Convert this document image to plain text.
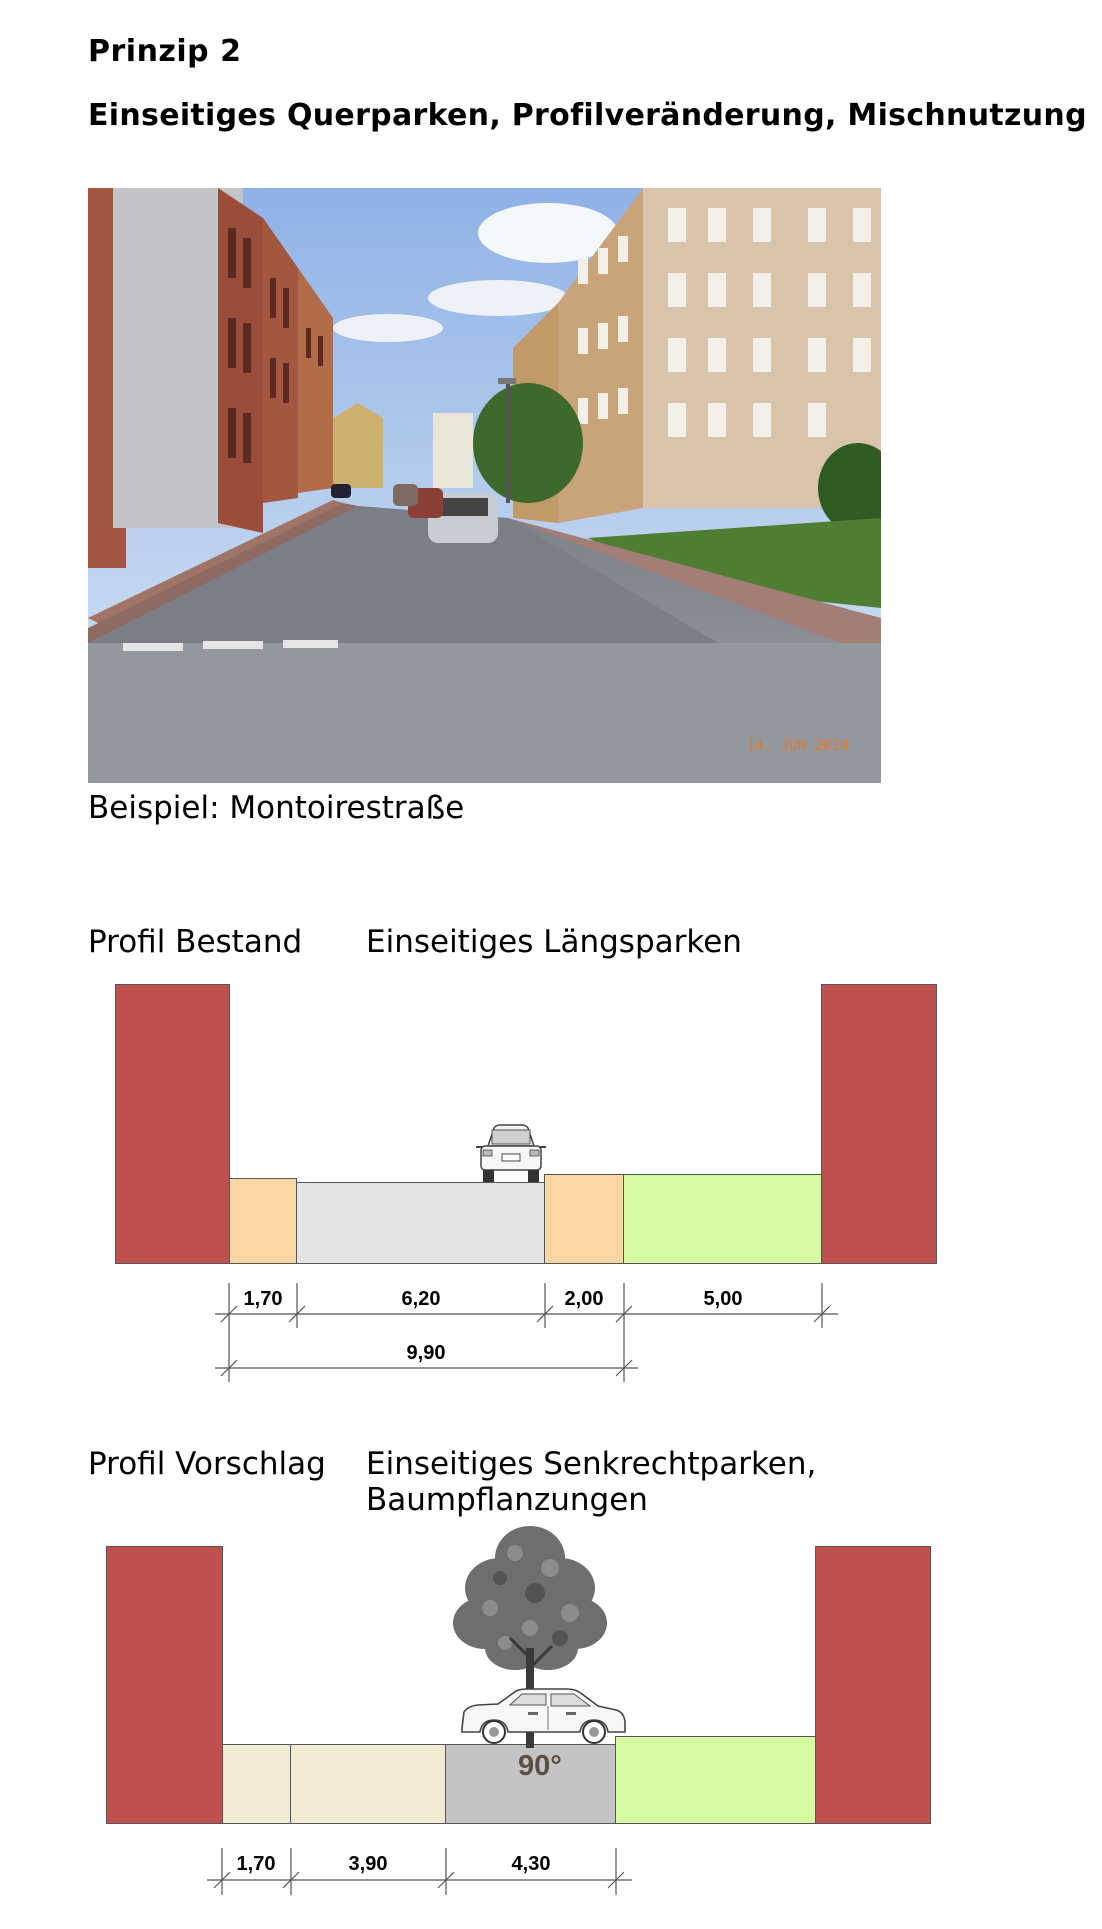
Prinzip 2
Einseitiges Querparken, Profilveränderung, Mischnutzung
14. JUN 2010
Beispiel: Montoirestraße
Profil Bestand Einseitiges Längsparken
1,70	6,20	2,00	5,00
9,90
Profil Vorschlag Einseitiges Senkrechtparken, Baumpflanzungen
90°
1,70	3,90	4,30
